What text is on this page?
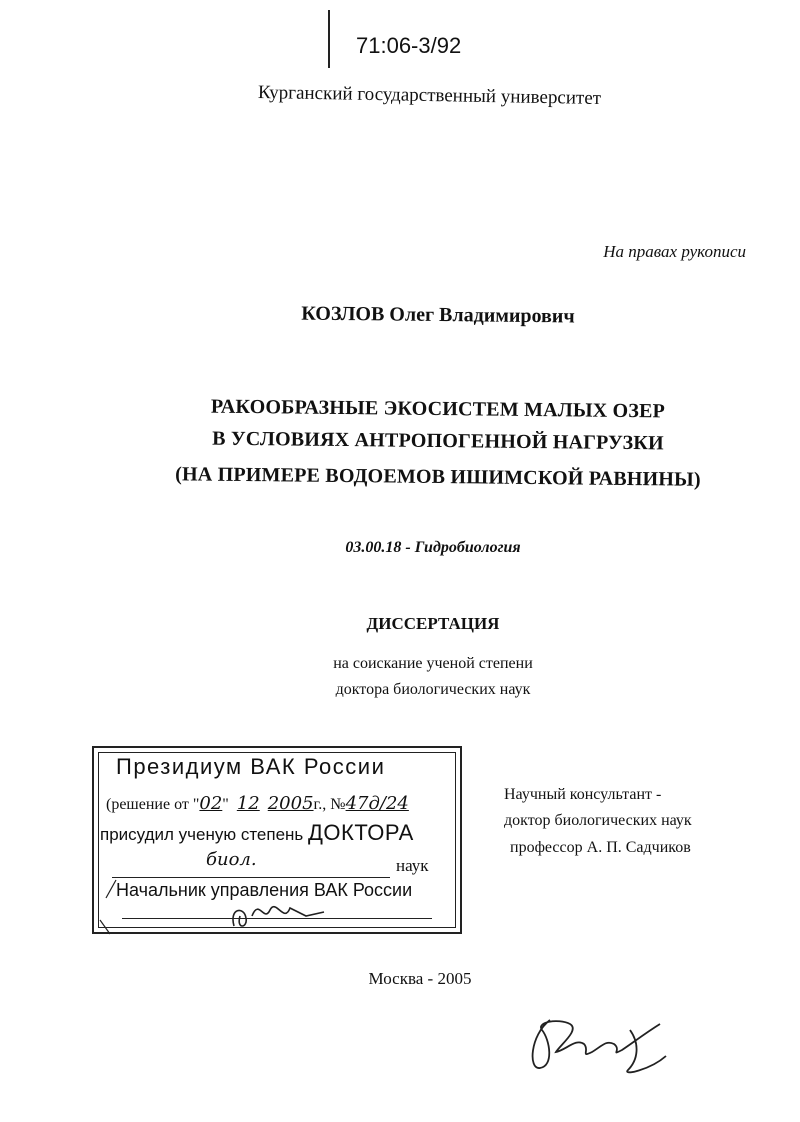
71:06-3/92
Курганский государственный университет
На правах рукописи
КОЗЛОВ Олег Владимирович
РАКООБРАЗНЫЕ ЭКОСИСТЕМ МАЛЫХ ОЗЕР
В УСЛОВИЯХ АНТРОПОГЕННОЙ НАГРУЗКИ
(НА ПРИМЕРЕ ВОДОЕМОВ ИШИМСКОЙ РАВНИНЫ)
03.00.18 - Гидробиология
ДИССЕРТАЦИЯ
на соискание ученой степени
доктора биологических наук
Президиум ВАК России
(решение от "02"  12 2005г., №47д/24
присудил ученую степень ДОКТОРА
биол.	наук
Начальник управления ВАК России
Научный консультант -
доктор биологических наук
профессор А. П. Садчиков
Москва - 2005
